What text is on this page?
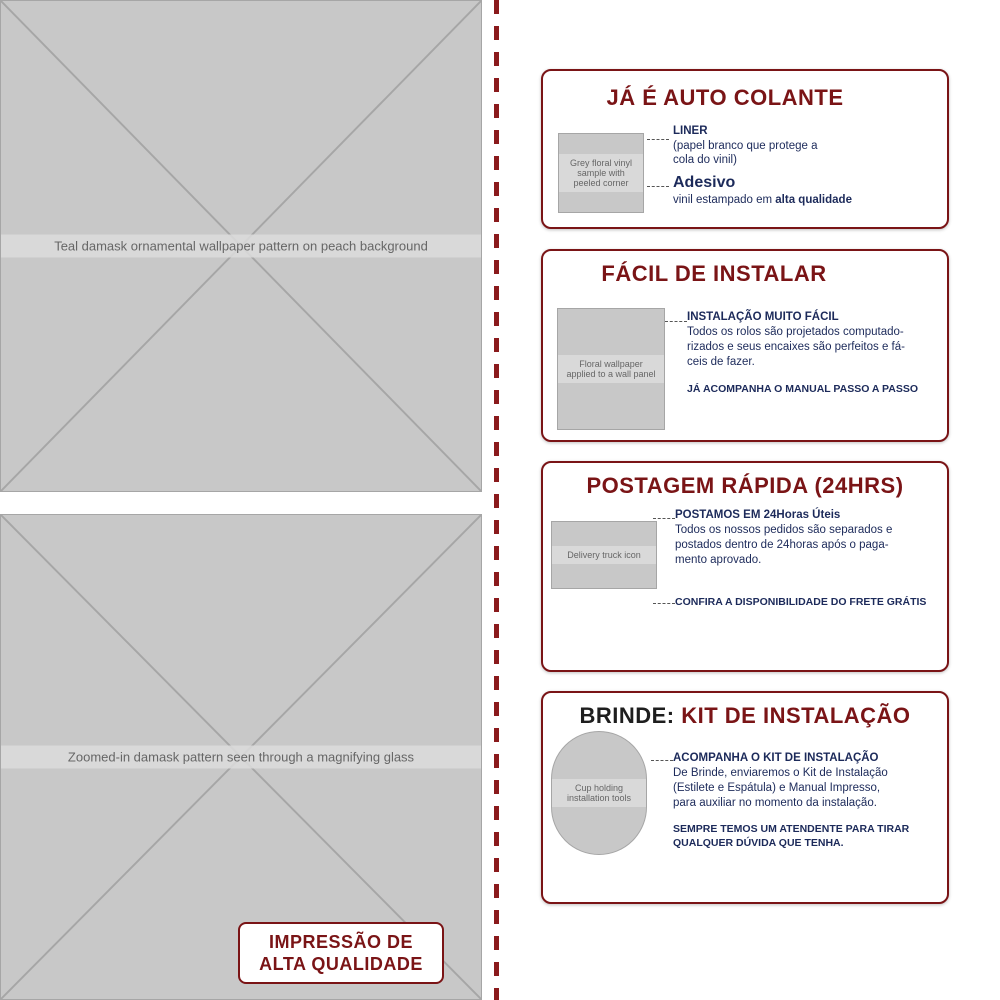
Teal damask ornamental wallpaper pattern on peach background
Zoomed-in damask pattern seen through a magnifying glass
IMPRESSÃO DE
ALTA QUALIDADE
JÁ É AUTO COLANTE
Grey floral vinyl sample with peeled corner
LINER
(papel branco que protege a
cola do vinil)
Adesivo
vinil estampado em alta qualidade
FÁCIL DE INSTALAR
Floral wallpaper applied to a wall panel
INSTALAÇÃO MUITO FÁCIL
Todos os rolos são projetados computado-
rizados e seus encaixes são perfeitos e fá-
ceis de fazer.
JÁ ACOMPANHA O MANUAL PASSO A PASSO
POSTAGEM RÁPIDA (24HRS)
Delivery truck icon
POSTAMOS EM 24Horas Úteis
Todos os nossos pedidos são separados e
postados dentro de 24horas após o paga-
mento aprovado.
CONFIRA A DISPONIBILIDADE DO FRETE GRÁTIS
BRINDE: KIT DE INSTALAÇÃO
Cup holding installation tools
ACOMPANHA O KIT DE INSTALAÇÃO
De Brinde, enviaremos o Kit de Instalação
(Estilete e Espátula) e Manual Impresso,
para auxiliar no momento da instalação.
SEMPRE TEMOS UM ATENDENTE PARA TIRAR
QUALQUER DÚVIDA QUE TENHA.
